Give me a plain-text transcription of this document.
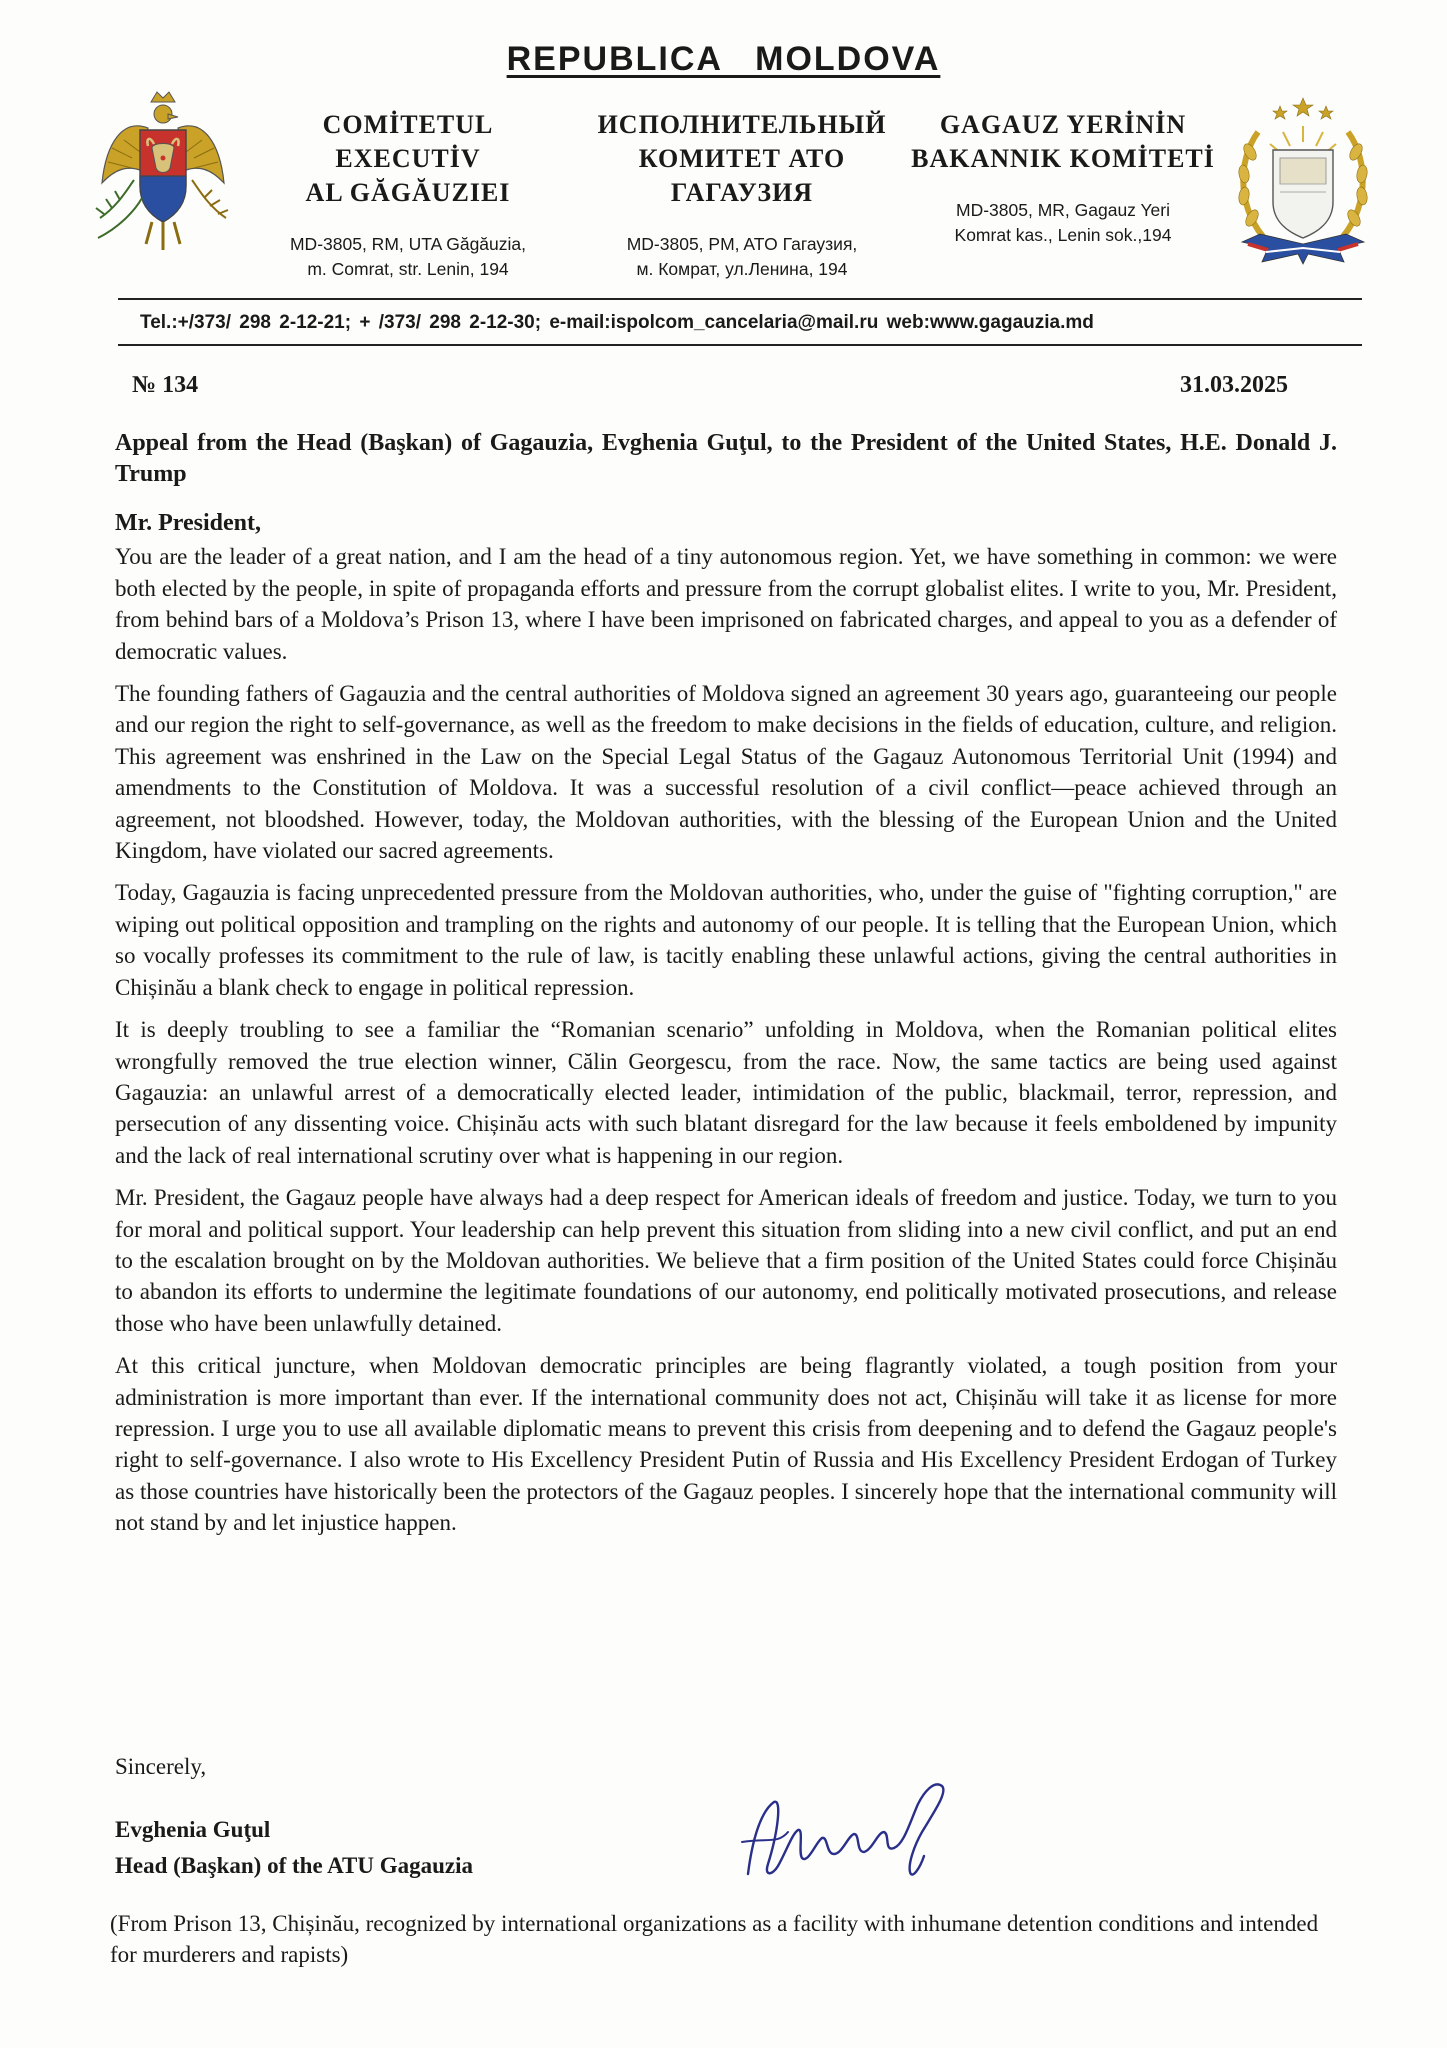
REPUBLICA MOLDOVA
COMİTETUL EXECUTİV
AL GĂGĂUZIEI
MD-3805, RM, UTA Găgăuzia,
m. Comrat, str. Lenin, 194
ИСПОЛНИТЕЛЬНЫЙ
КОМИТЕТ АТО ГАГАУЗИЯ
MD-3805, PM, ATO Гагаузия,
м. Комрат, ул.Ленина, 194
GAGAUZ YERİNİN
BAKANNIK KOMİTETİ
MD-3805, MR, Gagauz Yeri
Komrat kas., Lenin sok.,194
Tel.:+/373/ 298 2-12-21; + /373/ 298 2-12-30; e-mail:ispolcom_cancelaria@mail.ru web:www.gagauzia.md
№ 134	31.03.2025

Appeal from the Head (Başkan) of Gagauzia, Evghenia Guţul, to the President of the United States, H.E. Donald J. Trump

Mr. President,

You are the leader of a great nation, and I am the head of a tiny autonomous region. Yet, we have something in common: we were both elected by the people, in spite of propaganda efforts and pressure from the corrupt globalist elites. I write to you, Mr. President, from behind bars of a Moldova’s Prison 13, where I have been imprisoned on fabricated charges, and appeal to you as a defender of democratic values.

The founding fathers of Gagauzia and the central authorities of Moldova signed an agreement 30 years ago, guaranteeing our people and our region the right to self-governance, as well as the freedom to make decisions in the fields of education, culture, and religion. This agreement was enshrined in the Law on the Special Legal Status of the Gagauz Autonomous Territorial Unit (1994) and amendments to the Constitution of Moldova. It was a successful resolution of a civil conflict—peace achieved through an agreement, not bloodshed. However, today, the Moldovan authorities, with the blessing of the European Union and the United Kingdom, have violated our sacred agreements.

Today, Gagauzia is facing unprecedented pressure from the Moldovan authorities, who, under the guise of "fighting corruption," are wiping out political opposition and trampling on the rights and autonomy of our people. It is telling that the European Union, which so vocally professes its commitment to the rule of law, is tacitly enabling these unlawful actions, giving the central authorities in Chișinău a blank check to engage in political repression.

It is deeply troubling to see a familiar the “Romanian scenario” unfolding in Moldova, when the Romanian political elites wrongfully removed the true election winner, Călin Georgescu, from the race. Now, the same tactics are being used against Gagauzia: an unlawful arrest of a democratically elected leader, intimidation of the public, blackmail, terror, repression, and persecution of any dissenting voice. Chișinău acts with such blatant disregard for the law because it feels emboldened by impunity and the lack of real international scrutiny over what is happening in our region.

Mr. President, the Gagauz people have always had a deep respect for American ideals of freedom and justice. Today, we turn to you for moral and political support. Your leadership can help prevent this situation from sliding into a new civil conflict, and put an end to the escalation brought on by the Moldovan authorities. We believe that a firm position of the United States could force Chișinău to abandon its efforts to undermine the legitimate foundations of our autonomy, end politically motivated prosecutions, and release those who have been unlawfully detained.

At this critical juncture, when Moldovan democratic principles are being flagrantly violated, a tough position from your administration is more important than ever. If the international community does not act, Chișinău will take it as license for more repression. I urge you to use all available diplomatic means to prevent this crisis from deepening and to defend the Gagauz people's right to self-governance. I also wrote to His Excellency President Putin of Russia and His Excellency President Erdogan of Turkey as those countries have historically been the protectors of the Gagauz peoples. I sincerely hope that the international community will not stand by and let injustice happen.

Sincerely,
Evghenia Guţul
Head (Başkan) of the ATU Gagauzia
(From Prison 13, Chișinău, recognized by international organizations as a facility with inhumane detention conditions and intended for murderers and rapists)
